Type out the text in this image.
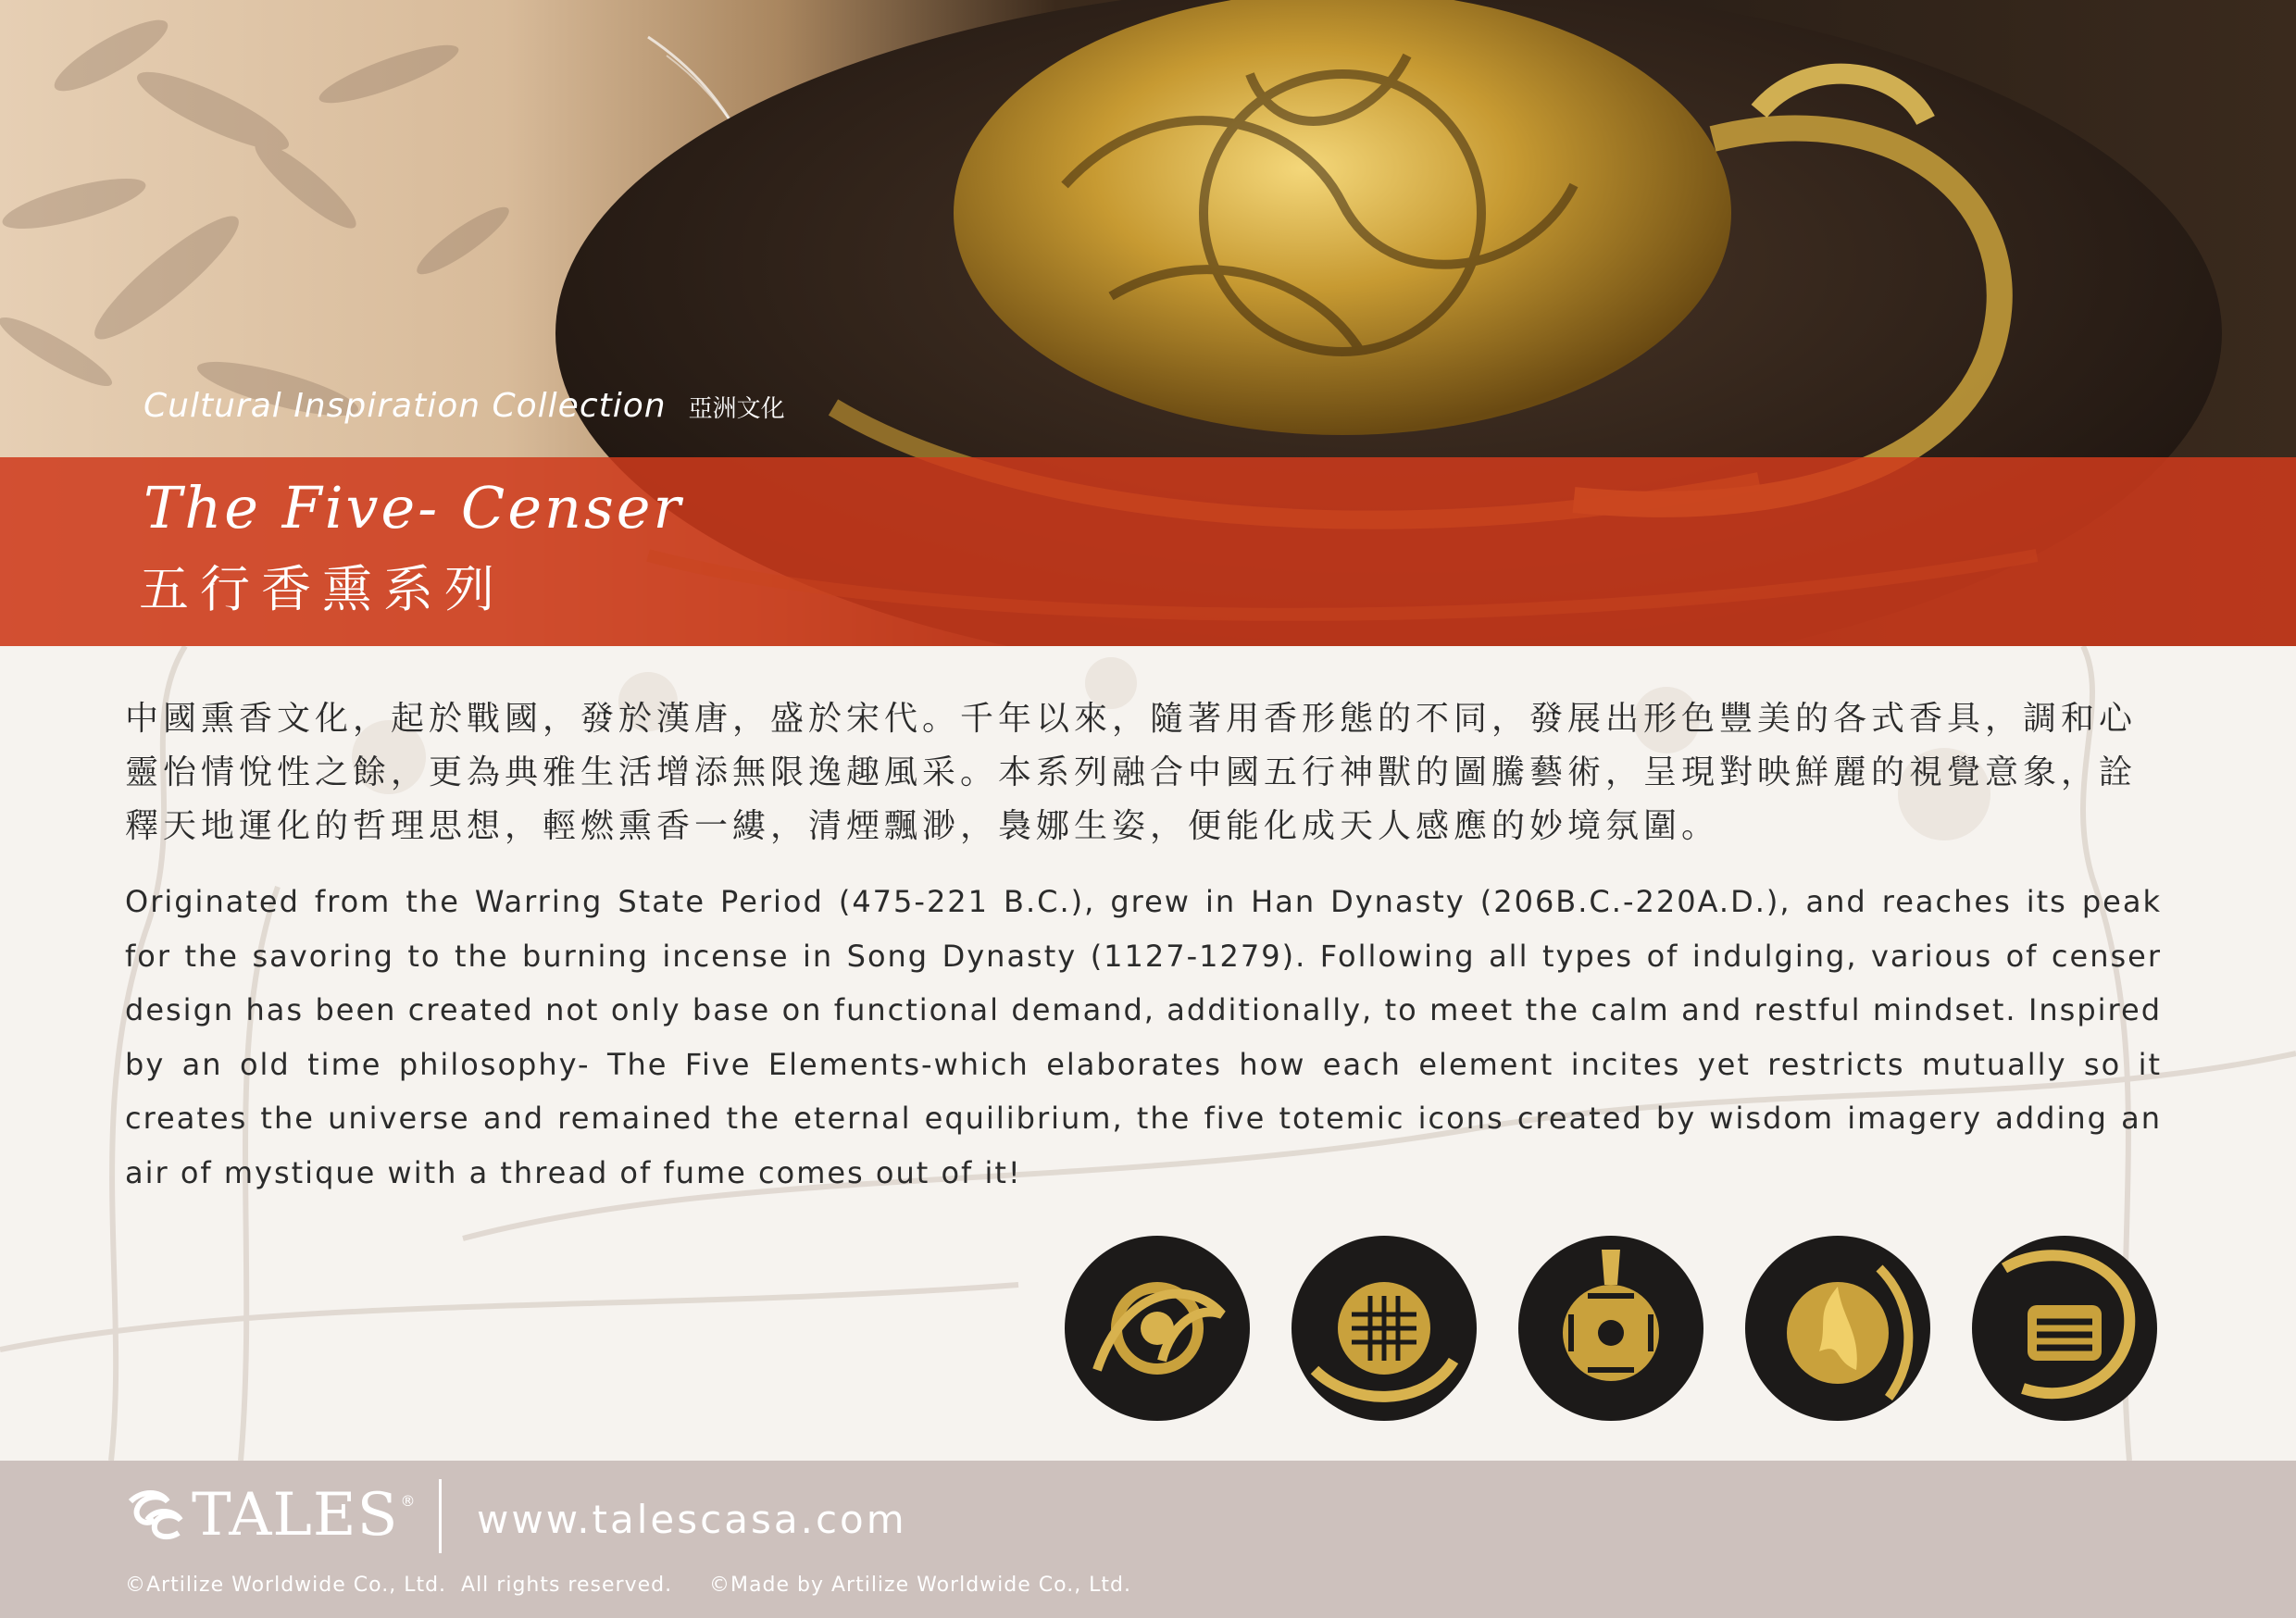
Cultural Inspiration Collection 亞洲文化
The Five- Censer
五行香熏系列

中國熏香文化，起於戰國，發於漢唐，盛於宋代。千年以來，隨著用香形態的不同，發展出形色豐美的各式香具，調和心靈怡情悅性之餘，更為典雅生活增添無限逸趣風采。本系列融合中國五行神獸的圖騰藝術，呈現對映鮮麗的視覺意象，詮釋天地運化的哲理思想，輕燃熏香一縷，清煙飄渺，裊娜生姿，便能化成天人感應的妙境氛圍。

Originated from the Warring State Period (475-221 B.C.), grew in Han Dynasty (206B.C.-220A.D.), and reaches its peak for the savoring to the burning incense in Song Dynasty (1127-1279). Following all types of indulging, various of censer design has been created not only base on functional demand, additionally, to meet the calm and restful mindset. Inspired by an old time philosophy- The Five Elements-which elaborates how each element incites yet restricts mutually so it creates the universe and remained the eternal equilibrium, the five totemic icons created by wisdom imagery adding an air of mystique with a thread of fume comes out of it!

TALES ® www.talescasa.com
©Artilize Worldwide Co., Ltd.  All rights reserved.     ©Made by Artilize Worldwide Co., Ltd.
